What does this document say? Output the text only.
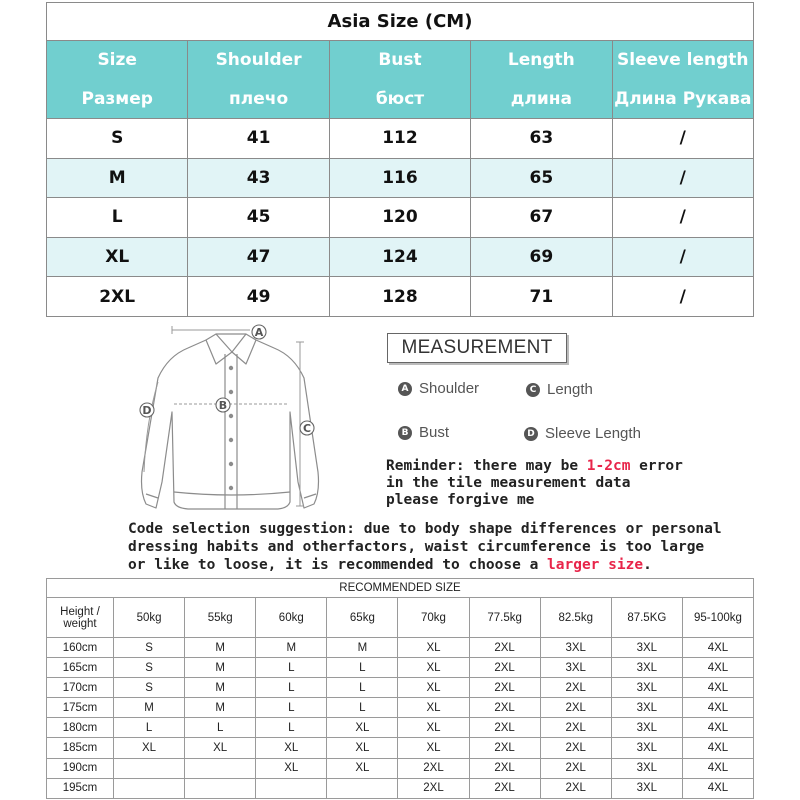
Asia Size (CM)				
Size	Shoulder	Bust	Length	Sleeve length
Размер	плечо	бюст	длина	Длина Рукава
S	41	112	63	/
M	43	116	65	/
L	45	120	67	/
XL	47	124	69	/
2XL	49	128	71	/
A
B
C
D
MEASUREMENT
A Shoulder	C Length
B Bust	D Sleeve Length
Reminder: there may be 1-2cm error
in the tile measurement data
please forgive me
Code selection suggestion: due to body shape differences or personal
dressing habits and otherfactors, waist circumference is too large
or like to loose, it is recommended to choose a larger size.
RECOMMENDED SIZE									
Height /
weight	50kg	55kg	60kg	65kg	70kg	77.5kg	82.5kg	87.5KG	95-100kg
160cm	S	M	M	M	XL	2XL	3XL	3XL	4XL
165cm	S	M	L	L	XL	2XL	3XL	3XL	4XL
170cm	S	M	L	L	XL	2XL	2XL	3XL	4XL
175cm	M	M	L	L	XL	2XL	2XL	3XL	4XL
180cm	L	L	L	XL	XL	2XL	2XL	3XL	4XL
185cm	XL	XL	XL	XL	XL	2XL	2XL	3XL	4XL
190cm			XL	XL	2XL	2XL	2XL	3XL	4XL
195cm					2XL	2XL	2XL	3XL	4XL
